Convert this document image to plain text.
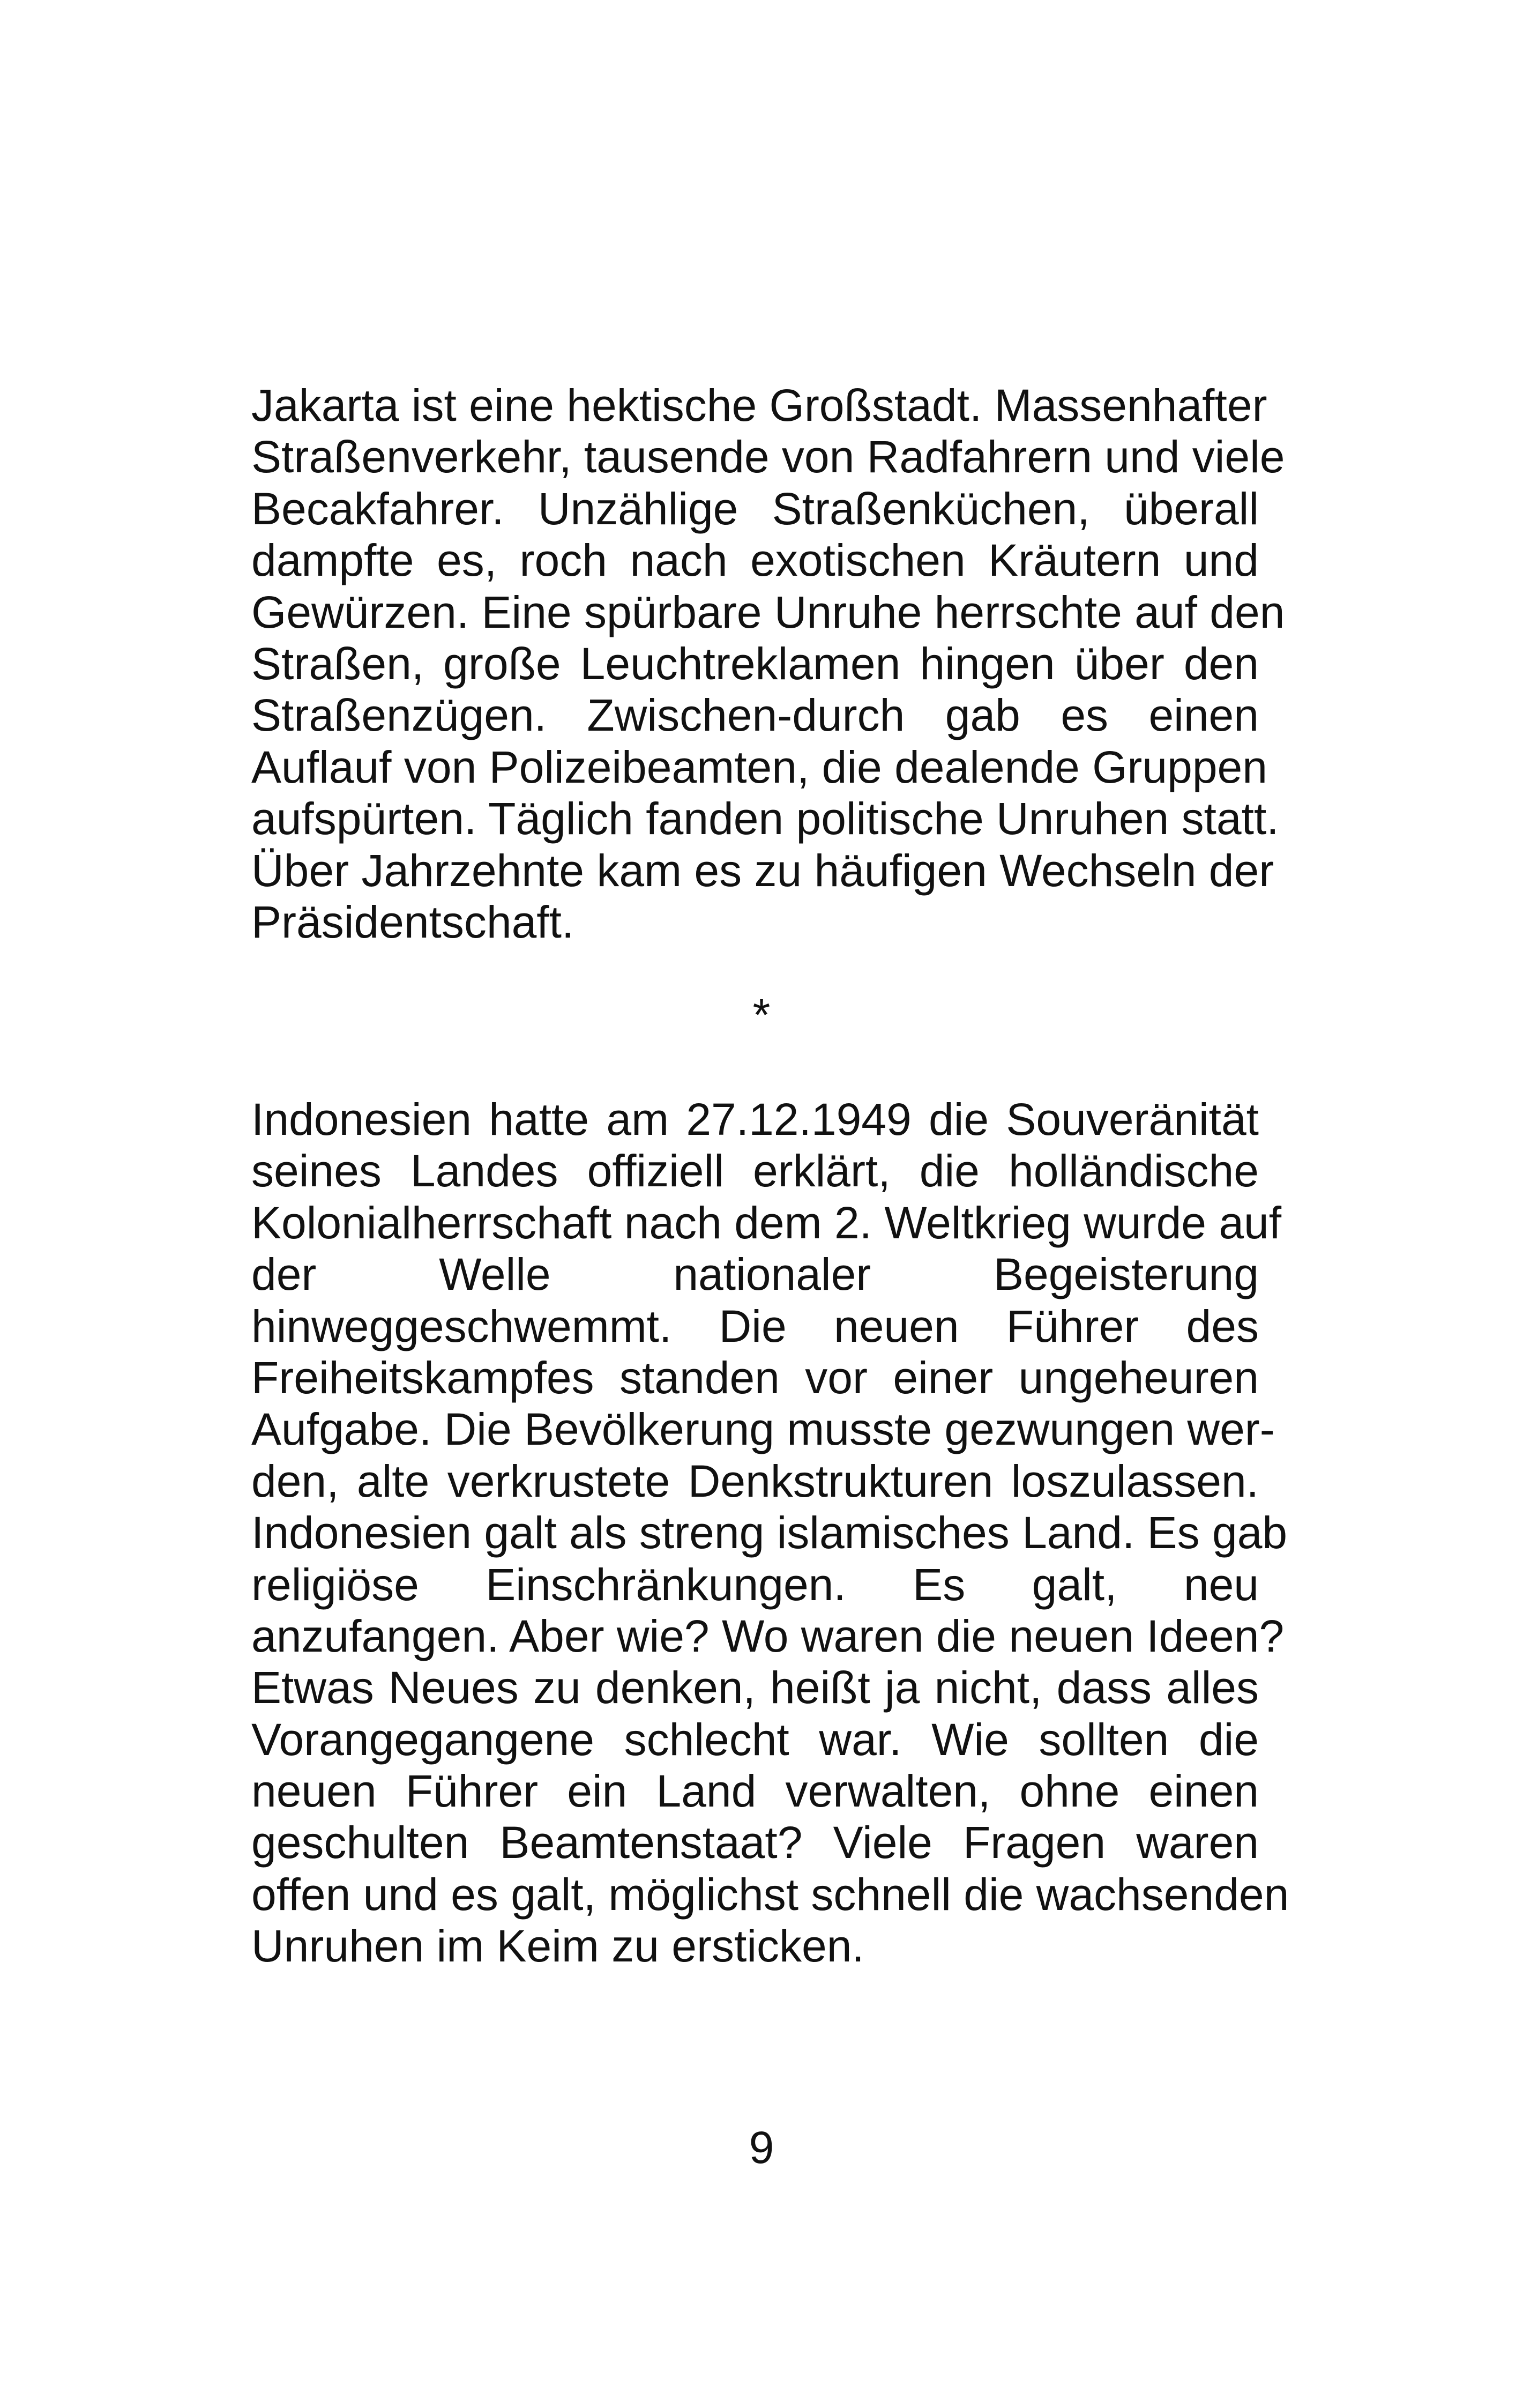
Jakarta ist eine hektische Großstadt. Massenhafter
Straßenverkehr, tausende von Radfahrern und viele
Becakfahrer. Unzählige Straßenküchen, überall
dampfte es, roch nach exotischen Kräutern und
Gewürzen. Eine spürbare Unruhe herrschte auf den
Straßen, große Leuchtreklamen hingen über den
Straßenzügen. Zwischen-durch gab es einen
Auflauf von Polizeibeamten, die dealende Gruppen
aufspürten. Täglich fanden politische Unruhen statt.
Über Jahrzehnte kam es zu häufigen Wechseln der
Präsidentschaft.
*
Indonesien hatte am 27.12.1949 die Souveränität
seines Landes offiziell erklärt, die holländische
Kolonialherrschaft nach dem 2. Weltkrieg wurde auf
der Welle nationaler Begeisterung
hinweggeschwemmt. Die neuen Führer des
Freiheitskampfes standen vor einer ungeheuren
Aufgabe. Die Bevölkerung musste gezwungen wer-
den, alte verkrustete Denkstrukturen loszulassen.
Indonesien galt als streng islamisches Land. Es gab
religiöse Einschränkungen. Es galt, neu
anzufangen. Aber wie? Wo waren die neuen Ideen?
Etwas Neues zu denken, heißt ja nicht, dass alles
Vorangegangene schlecht war. Wie sollten die
neuen Führer ein Land verwalten, ohne einen
geschulten Beamtenstaat? Viele Fragen waren
offen und es galt, möglichst schnell die wachsenden
Unruhen im Keim zu ersticken.
9
